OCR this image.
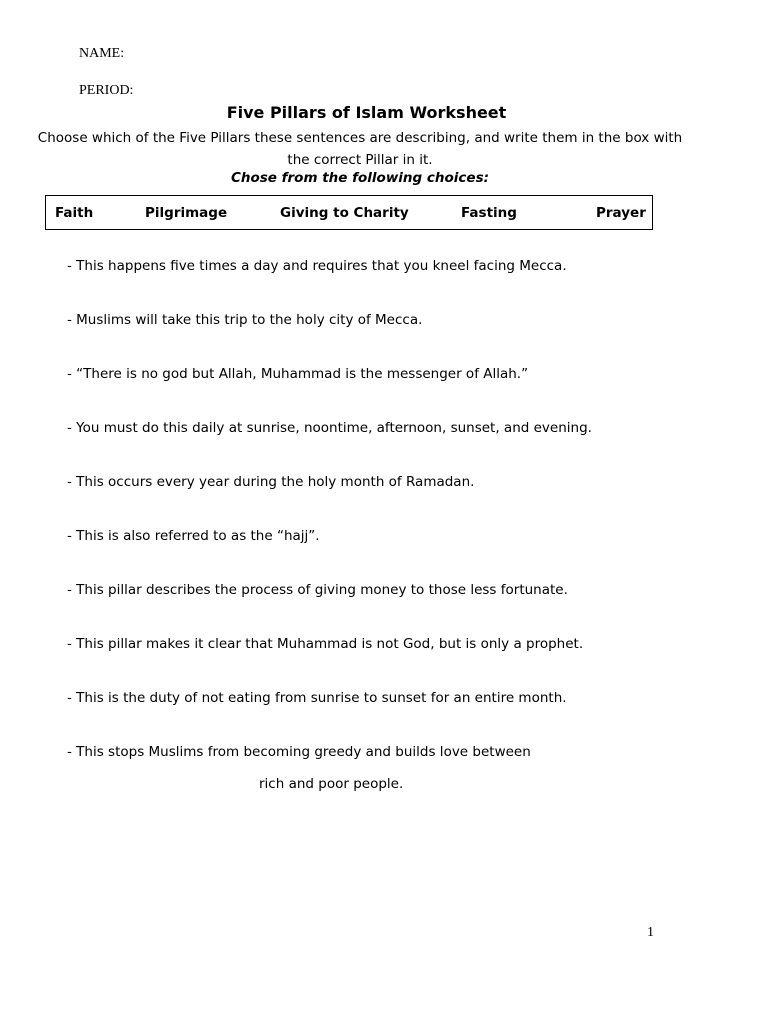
NAME:
PERIOD:
Five Pillars of Islam Worksheet
Choose which of the Five Pillars these sentences are describing, and write them in the box with the correct Pillar in it.
Chose from the following choices:
Faith	Pilgrimage	Giving to Charity	Fasting	Prayer
- This happens five times a day and requires that you kneel facing Mecca.
- Muslims will take this trip to the holy city of Mecca.
- “There is no god but Allah, Muhammad is the messenger of Allah.”
- You must do this daily at sunrise, noontime, afternoon, sunset, and evening.
- This occurs every year during the holy month of Ramadan.
- This is also referred to as the “hajj”.
- This pillar describes the process of giving money to those less fortunate.
- This pillar makes it clear that Muhammad is not God, but is only a prophet.
- This is the duty of not eating from sunrise to sunset for an entire month.
- This stops Muslims from becoming greedy and builds love between
rich and poor people.
1
